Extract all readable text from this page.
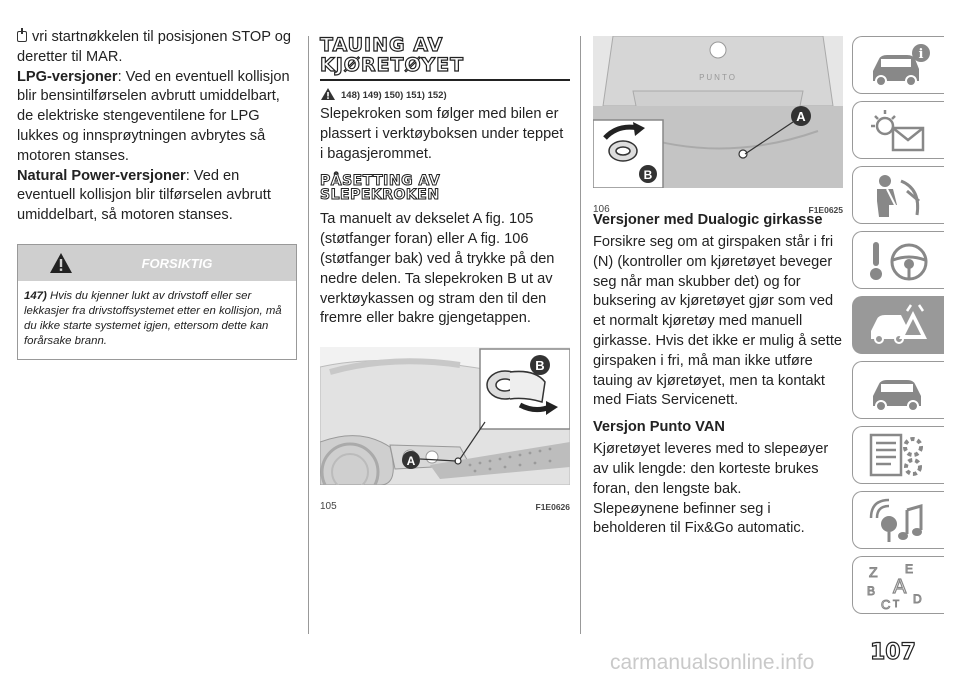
vri startnøkkelen til posisjonen STOP og deretter til MAR.
LPG-versjoner: Ved en eventuell kollisjon blir bensintilførselen avbrutt umiddelbart, de elektriske stengeventilene for LPG lukkes og innsprøytningen avbrytes så motoren stanses.
Natural Power-versjoner: Ved en eventuell kollisjon blir tilførselen avbrutt umiddelbart, så motoren stanses.
FORSIKTIG
147) Hvis du kjenner lukt av drivstoff eller ser lekkasjer fra drivstoffsystemet etter en kollisjon, må du ikke starte systemet igjen, ettersom dette kan forårsake brann.
TAUING AV
KJØRETØYET
148) 149) 150) 151) 152)
Slepekroken som følger med bilen er plassert i verktøyboksen under teppet i bagasjerommet.
PÅSETTING AV
SLEPEKROKEN
Ta manuelt av dekselet A fig. 105 (støtfanger foran) eller A fig. 106 (støtfanger bak) ved å trykke på den nedre delen. Ta slepekroken B ut av verktøykassen og stram den til den fremre eller bakre gjengetappen.
B
A
105	F1E0626
PUNTO
B
A
106	F1E0625
Versjoner med Dualogic girkasse
Forsikre seg om at girspaken står i fri (N) (kontroller om kjøretøyet beveger seg når man skubber det) og for buksering av kjøretøyet gjør som ved et normalt kjøretøy med manuell girkasse. Hvis det ikke er mulig å sette girspaken i fri, må man ikke utføre tauing av kjøretøyet, men ta kontakt med Fiats Servicenett.
Versjon Punto VAN
Kjøretøyet leveres med to slepeøyer av ulik lengde: den korteste brukes foran, den lengste bak.
Slepeøynene befinner seg i beholderen til Fix&Go automatic.
i
Z E
B A
C T D
107
carmanualsonline.info
